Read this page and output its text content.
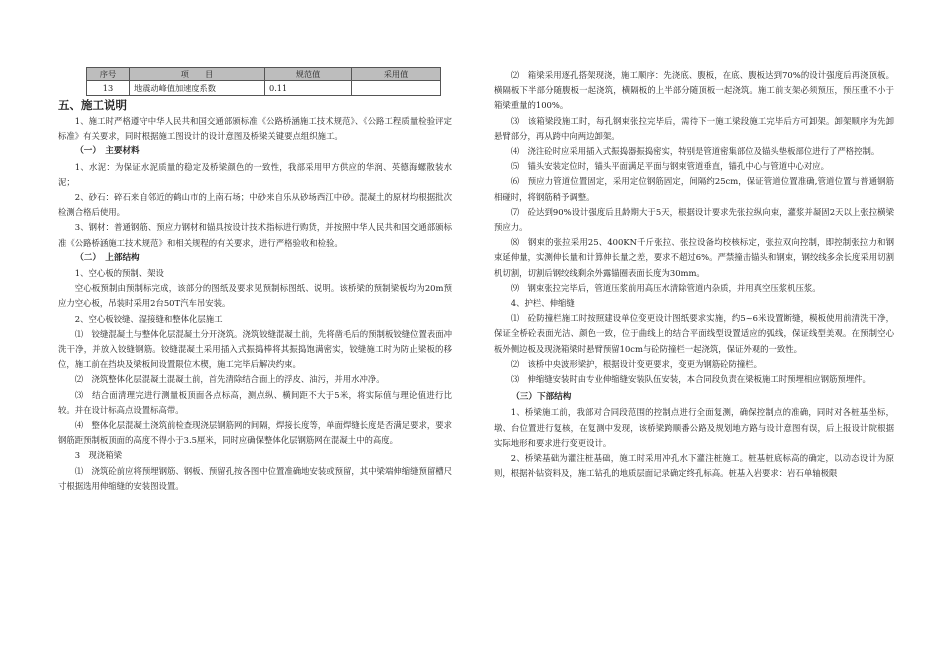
序号	项　　目	规范值	采用值
13	地震动峰值加速度系数	0.11	

五、施工说明

1、施工时严格遵守中华人民共和国交通部颁标准《公路桥涵施工技术规范》、《公路工程质量检验评定标准》有关要求，同时根据施工图设计的设计意图及桥梁关键要点组织施工。

（一）　主要材料

1、水泥：为保证水泥质量的稳定及桥梁颜色的一致性，我部采用甲方供应的华润、英德海螺散装水泥；

2、砂石：碎石来自邻近的鹤山市的上南石场；中砂来自乐从砂场西江中砂。混凝土的原材均根据批次检测合格后使用。

3、钢材：普通钢筋、预应力钢材和锚具按设计技术指标进行购货，并按照中华人民共和国交通部颁标准《公路桥涵施工技术规范》和相关规程的有关要求，进行严格验收和检验。

（二）　上部结构

1、空心板的预制、架设

空心板预制由预制标完成，该部分的图纸及要求见预制标图纸、说明。该桥梁的预制梁板均为20m预应力空心板，吊装时采用2台50T汽车吊安装。

2、空心板铰缝、湿接缝和整体化层施工

⑴　铰缝混凝土与整体化层混凝土分开浇筑。浇筑铰缝混凝土前，先将凿毛后的预制板铰缝位置表面冲洗干净，并放入铰缝钢筋。铰缝混凝土采用插入式振捣棒将其振捣饱满密实，铰缝施工时为防止梁板的移位，施工前在挡块及梁板间设置限位木楔，施工完毕后解决约束。

⑵　浇筑整体化层混凝土混凝土前，首先清除结合面上的浮皮、油污，并用水冲净。

⑶　结合面清理完进行测量板顶面各点标高，测点纵、横间距不大于5米，将实际值与理论值进行比较。并在设计标高点设置标高带。

⑷　整体化层混凝土浇筑前检查现浇层钢筋网的间隔，焊接长度等，单面焊缝长度是否满足要求，要求钢筋距预制板顶面的高度不得小于3.5厘米，同时应确保整体化层钢筋网在混凝土中的高度。

3　现浇箱梁

⑴　浇筑砼前应将预埋钢筋、钢板、预留孔按各图中位置准确地安装或预留，其中梁端伸缩缝预留槽尺寸根据选用伸缩缝的安装图设置。

⑵　箱梁采用逐孔搭架现浇，施工顺序：先浇底、腹板，在底、腹板达到70%的设计强度后再浇顶板。横隔板下半部分随腹板一起浇筑，横隔板的上半部分随顶板一起浇筑。施工前支架必须预压，预压重不小于箱梁重量的100%。

⑶　该箱梁段施工时，每孔钢束张拉完毕后，需待下一施工梁段施工完毕后方可卸架。卸架顺序为先卸悬臂部分，再从跨中向两边卸架。

⑷　浇注砼时应采用插入式振捣器振捣密实，特别是管道密集部位及锚头垫板部位进行了严格控制。

⑸　锚头安装定位时，锚头平面满足平面与钢束管道垂直，锚孔中心与管道中心对应。

⑹　预应力管道位置固定，采用定位钢筋固定，间隔约25cm，保证管道位置准确,管道位置与普通钢筋相碰时，将钢筋稍予调整。

⑺　砼达到90%设计强度后且龄期大于5天，根据设计要求先张拉纵向束，灌浆并凝固2天以上张拉横梁预应力。

⑻　钢束的张拉采用25、400KN千斤张拉、张拉设备均校核标定，张拉双向控制，即控制张拉力和钢束延伸量，实测伸长量和计算伸长量之差，要求不超过6%。严禁撞击锚头和钢束，钢绞线多余长度采用切割机切割，切割后钢绞线剩余外露锚圈表面长度为30mm。

⑼　钢束张拉完毕后，管道压浆前用高压水清除管道内杂质，并用真空压浆机压浆。

4、护栏、伸缩缝

⑴　砼防撞栏施工时按照建设单位变更设计图纸要求实施，约5~6米设置断缝，模板使用前清洗干净，保证全桥砼表面光洁、颜色一致，位于曲线上的结合平面线型设置适应的弧线，保证线型美观。在预制空心板外侧边板及现浇箱梁时悬臂预留10cm与砼防撞栏一起浇筑，保证外观的一致性。

⑵　该桥中央波形梁护，根据设计变更要求，变更为钢筋砼防撞栏。

⑶　伸缩缝安装时由专业伸缩缝安装队伍安装，本合同段负责在梁板施工时预埋相应钢筋预埋件。

（三）下部结构

1、桥梁施工前，我部对合同段范围的控制点进行全面复测，确保控制点的准确，同时对各桩基坐标，墩、台位置进行复核，在复测中发现，该桥梁跨顺番公路及规划地方路与设计意图有误，后上报设计院根据实际地形和要求进行变更设计。

2、桥梁基础为灌注桩基础，施工时采用冲孔水下灌注桩施工。桩基桩底标高的确定，以动态设计为原则，根据补钻资料及，施工钻孔的地质层面记录确定终孔标高。桩基入岩要求：岩石单轴极限
